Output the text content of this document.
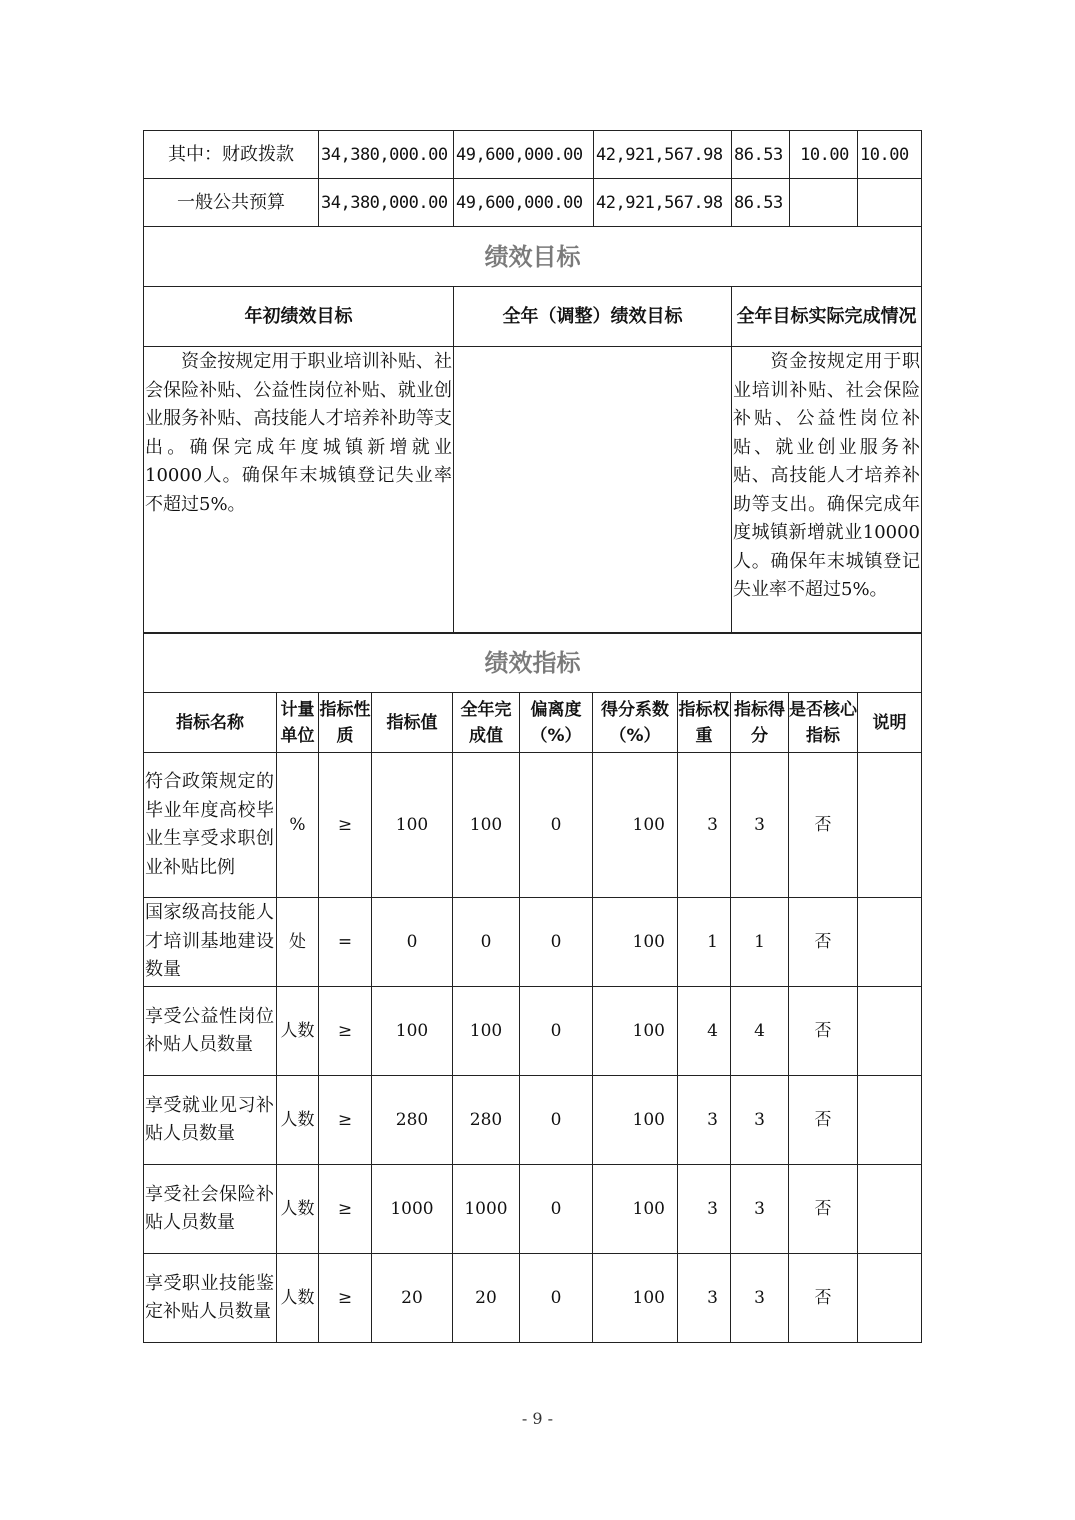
其中：财政拨款	34,380,000.00	49,600,000.00	42,921,567.98	86.53	10.00	10.00
一般公共预算	34,380,000.00	49,600,000.00	42,921,567.98	86.53		
绩效目标		
年初绩效目标	全年（调整）绩效目标	全年目标实际完成情况
　　资金按规定用于职业培训补贴、社会保险补贴、公益性岗位补贴、就业创业服务补贴、高技能人才培养补助等支出。确保完成年度城镇新增就业10000人。确保年末城镇登记失业率不超过5%。		　　资金按规定用于职业培训补贴、社会保险补贴、公益性岗位补贴、就业创业服务补贴、高技能人才培养补助等支出。确保完成年度城镇新增就业10000人。确保年末城镇登记失业率不超过5%。
绩效指标										
指标名称	计量单位	指标性质	指标值	全年完成值	偏离度（%）	得分系数（%）	指标权重	指标得分	是否核心指标	说明
符合政策规定的毕业年度高校毕业生享受求职创业补贴比例	%	≥	100	100	0	100	3	3	否	
国家级高技能人才培训基地建设数量	处	=	0	0	0	100	1	1	否	
享受公益性岗位补贴人员数量	人数	≥	100	100	0	100	4	4	否	
享受就业见习补贴人员数量	人数	≥	280	280	0	100	3	3	否	
享受社会保险补贴人员数量	人数	≥	1000	1000	0	100	3	3	否	
享受职业技能鉴定补贴人员数量	人数	≥	20	20	0	100	3	3	否	
- 9 -
